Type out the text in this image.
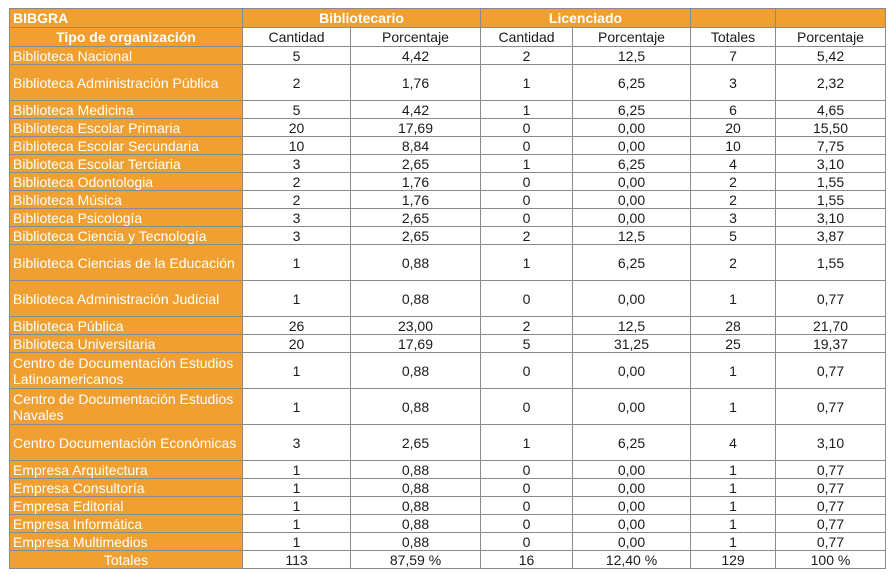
BIBGRA	Bibliotecario		Licenciado			
Tipo de organización	Cantidad	Porcentaje	Cantidad	Porcentaje	Totales	Porcentaje
Biblioteca Nacional	5	4,42	2	12,5	7	5,42
Biblioteca Administración Pública	2	1,76	1	6,25	3	2,32
Biblioteca Medicina	5	4,42	1	6,25	6	4,65
Biblioteca Escolar Primaria	20	17,69	0	0,00	20	15,50
Biblioteca Escolar Secundaria	10	8,84	0	0,00	10	7,75
Biblioteca Escolar Terciaria	3	2,65	1	6,25	4	3,10
Biblioteca Odontologia	2	1,76	0	0,00	2	1,55
Biblioteca Música	2	1,76	0	0,00	2	1,55
Biblioteca Psicología	3	2,65	0	0,00	3	3,10
Biblioteca Ciencia y Tecnología	3	2,65	2	12,5	5	3,87
Biblioteca Ciencias de la Educación	1	0,88	1	6,25	2	1,55
Biblioteca Administración Judicial	1	0,88	0	0,00	1	0,77
Biblioteca Pública	26	23,00	2	12,5	28	21,70
Biblioteca Universitaria	20	17,69	5	31,25	25	19,37
Centro de Documentación Estudios Latinoamericanos	1	0,88	0	0,00	1	0,77
Centro de Documentación Estudios Navales	1	0,88	0	0,00	1	0,77
Centro Documentación Económicas	3	2,65	1	6,25	4	3,10
Empresa Arquitectura	1	0,88	0	0,00	1	0,77
Empresa Consultoría	1	0,88	0	0,00	1	0,77
Empresa Editorial	1	0,88	0	0,00	1	0,77
Empresa Informática	1	0,88	0	0,00	1	0,77
Empresa Multimedios	1	0,88	0	0,00	1	0,77
Totales	113	87,59 %	16	12,40 %	129	100 %
